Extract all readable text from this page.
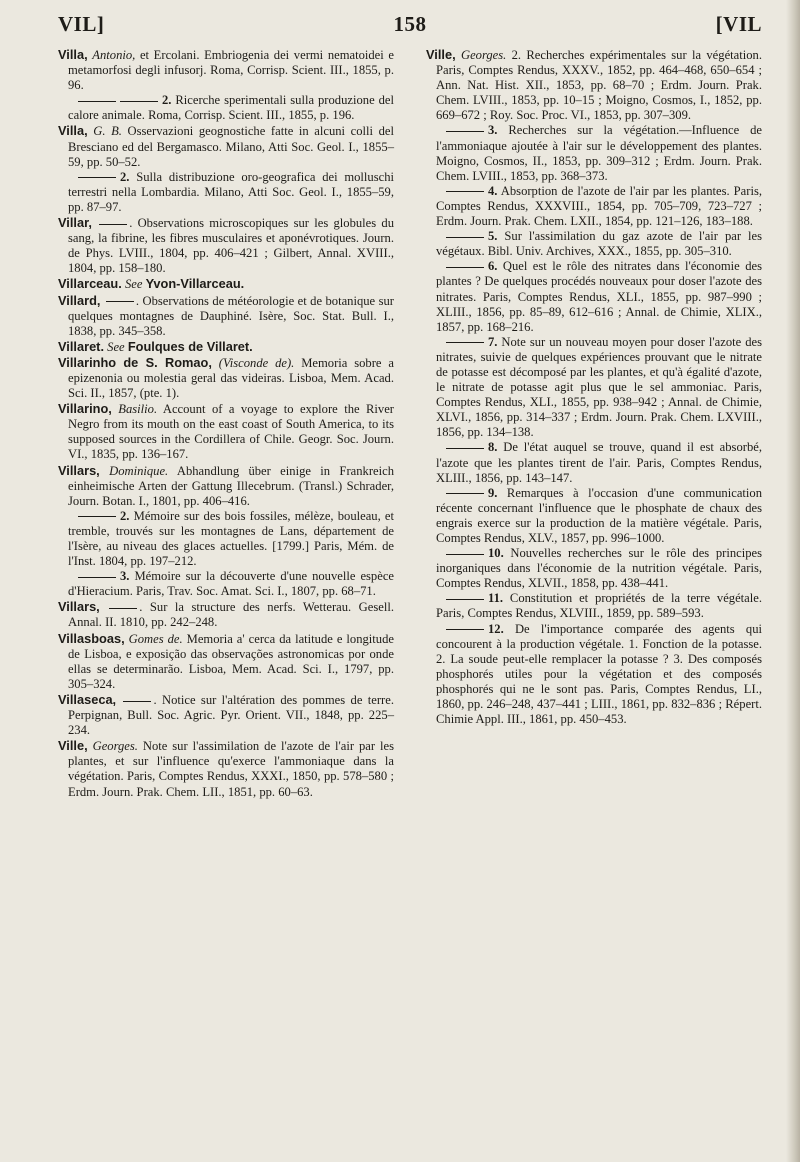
VIL]	158	[VIL

Villa, Antonio, et Ercolani. Embriogenia dei vermi nematoidei e metamorfosi degli infusorj. Roma, Corrisp. Scient. III., 1855, p. 96.

2. Ricerche sperimentali sulla produzione del calore animale. Roma, Corrisp. Scient. III., 1855, p. 196.

Villa, G. B. Osservazioni geognostiche fatte in alcuni colli del Bresciano ed del Bergamasco. Milano, Atti Soc. Geol. I., 1855–59, pp. 50–52.

2. Sulla distribuzione oro-geografica dei molluschi terrestri nella Lombardia. Milano, Atti Soc. Geol. I., 1855–59, pp. 87–97.

Villar,	. Observations microscopiques sur les globules du sang, la fibrine, les fibres musculaires et aponévrotiques. Journ. de Phys. LVIII., 1804, pp. 406–421 ; Gilbert, Annal. XVIII., 1804, pp. 158–180.

Villarceau. See Yvon-Villarceau.

Villard,	. Observations de météorologie et de botanique sur quelques montagnes de Dauphiné. Isère, Soc. Stat. Bull. I., 1838, pp. 345–358.

Villaret. See Foulques de Villaret.

Villarinho de S. Romao, (Visconde de). Memoria sobre a epizenonia ou molestia geral das videiras. Lisboa, Mem. Acad. Sci. II., 1857, (pte. 1).

Villarino, Basilio. Account of a voyage to explore the River Negro from its mouth on the east coast of South America, to its supposed sources in the Cordillera of Chile. Geogr. Soc. Journ. VI., 1835, pp. 136–167.

Villars, Dominique. Abhandlung über einige in Frankreich einheimische Arten der Gattung Illecebrum. (Transl.) Schrader, Journ. Botan. I., 1801, pp. 406–416.

2. Mémoire sur des bois fossiles, mélèze, bouleau, et tremble, trouvés sur les montagnes de Lans, département de l'Isère, au niveau des glaces actuelles. [1799.] Paris, Mém. de l'Inst. 1804, pp. 197–212.

3. Mémoire sur la découverte d'une nouvelle espèce d'Hieracium. Paris, Trav. Soc. Amat. Sci. I., 1807, pp. 68–71.

Villars,	. Sur la structure des nerfs. Wetterau. Gesell. Annal. II. 1810, pp. 242–248.

Villasboas, Gomes de. Memoria a' cerca da latitude e longitude de Lisboa, e exposição das observações astronomicas por onde ellas se determinarão. Lisboa, Mem. Acad. Sci. I., 1797, pp. 305–324.

Villaseca,	. Notice sur l'altération des pommes de terre. Perpignan, Bull. Soc. Agric. Pyr. Orient. VII., 1848, pp. 225–234.

Ville, Georges. Note sur l'assimilation de l'azote de l'air par les plantes, et sur l'influence qu'exerce l'ammoniaque dans la végétation. Paris, Comptes Rendus, XXXI., 1850, pp. 578–580 ; Erdm. Journ. Prak. Chem. LII., 1851, pp. 60–63.

Ville, Georges. 2. Recherches expérimentales sur la végétation. Paris, Comptes Rendus, XXXV., 1852, pp. 464–468, 650–654 ; Ann. Nat. Hist. XII., 1853, pp. 68–70 ; Erdm. Journ. Prak. Chem. LVIII., 1853, pp. 10–15 ; Moigno, Cosmos, I., 1852, pp. 669–672 ; Roy. Soc. Proc. VI., 1853, pp. 307–309.

3. Recherches sur la végétation.—Influence de l'ammoniaque ajoutée à l'air sur le développement des plantes. Moigno, Cosmos, II., 1853, pp. 309–312 ; Erdm. Journ. Prak. Chem. LVIII., 1853, pp. 368–373.

4. Absorption de l'azote de l'air par les plantes. Paris, Comptes Rendus, XXXVIII., 1854, pp. 705–709, 723–727 ; Erdm. Journ. Prak. Chem. LXII., 1854, pp. 121–126, 183–188.

5. Sur l'assimilation du gaz azote de l'air par les végétaux. Bibl. Univ. Archives, XXX., 1855, pp. 305–310.

6. Quel est le rôle des nitrates dans l'économie des plantes ? De quelques procédés nouveaux pour doser l'azote des nitrates. Paris, Comptes Rendus, XLI., 1855, pp. 987–990 ; XLIII., 1856, pp. 85–89, 612–616 ; Annal. de Chimie, XLIX., 1857, pp. 168–216.

7. Note sur un nouveau moyen pour doser l'azote des nitrates, suivie de quelques expériences prouvant que le nitrate de potasse est décomposé par les plantes, et qu'à égalité d'azote, le nitrate de potasse agit plus que le sel ammoniac. Paris, Comptes Rendus, XLI., 1855, pp. 938–942 ; Annal. de Chimie, XLVI., 1856, pp. 314–337 ; Erdm. Journ. Prak. Chem. LXVIII., 1856, pp. 134–138.

8. De l'état auquel se trouve, quand il est absorbé, l'azote que les plantes tirent de l'air. Paris, Comptes Rendus, XLIII., 1856, pp. 143–147.

9. Remarques à l'occasion d'une communication récente concernant l'influence que le phosphate de chaux des engrais exerce sur la production de la matière végétale. Paris, Comptes Rendus, XLV., 1857, pp. 996–1000.

10. Nouvelles recherches sur le rôle des principes inorganiques dans l'économie de la nutrition végétale. Paris, Comptes Rendus, XLVII., 1858, pp. 438–441.

11. Constitution et propriétés de la terre végétale. Paris, Comptes Rendus, XLVIII., 1859, pp. 589–593.

12. De l'importance comparée des agents qui concourent à la production végétale. 1. Fonction de la potasse. 2. La soude peut-elle remplacer la potasse ? 3. Des composés phosphorés utiles pour la végétation et des composés phosphorés qui ne le sont pas. Paris, Comptes Rendus, LI., 1860, pp. 246–248, 437–441 ; LIII., 1861, pp. 832–836 ; Répert. Chimie Appl. III., 1861, pp. 450–453.
